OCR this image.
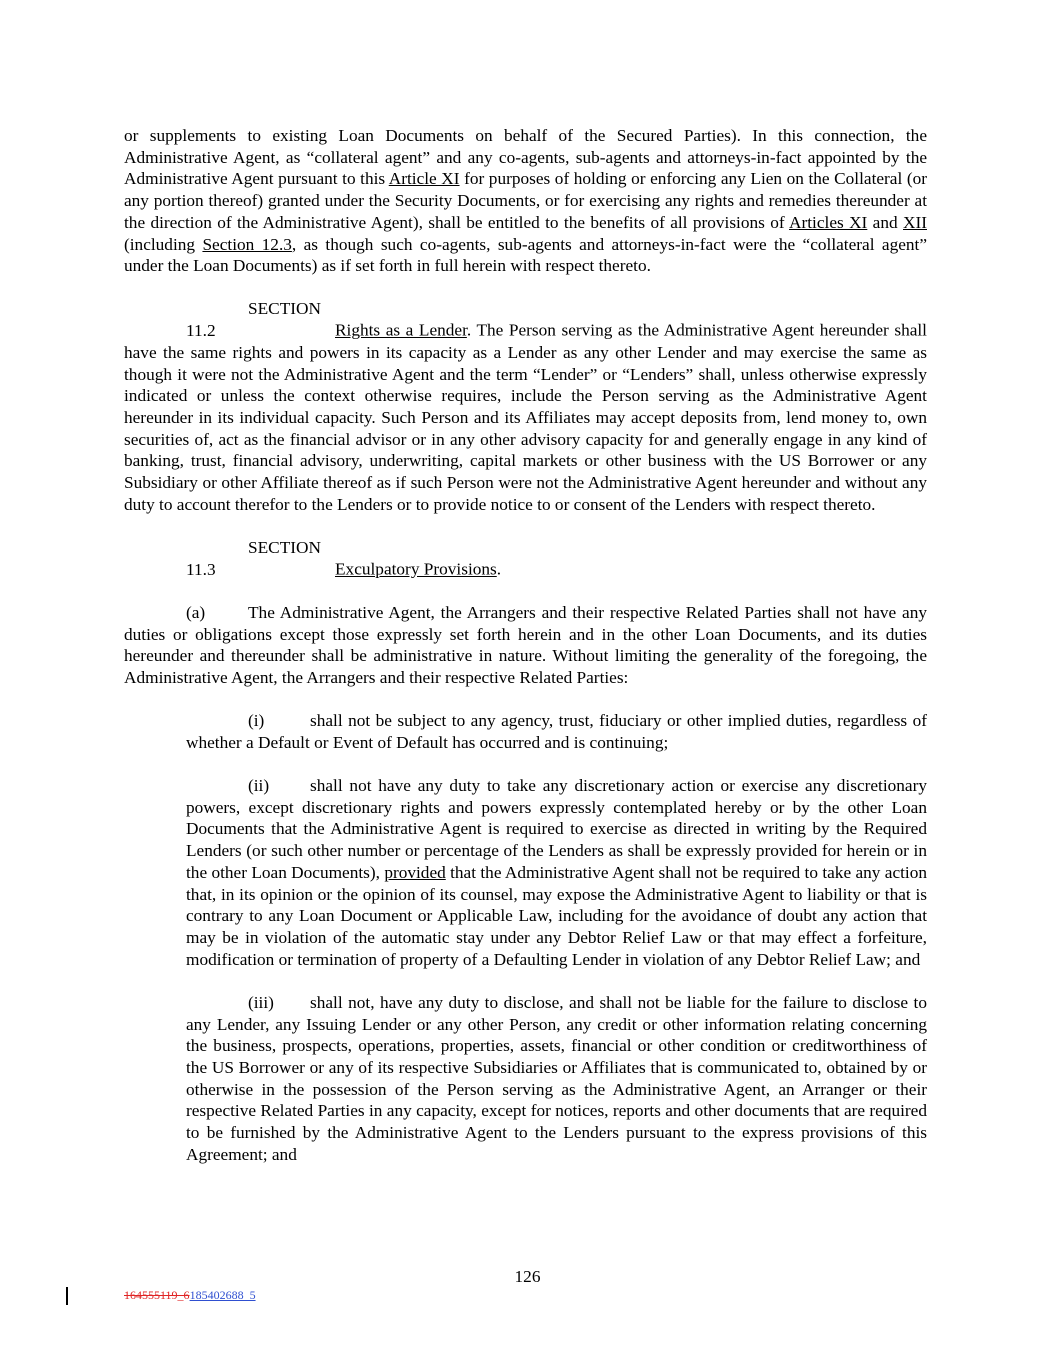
or supplements to existing Loan Documents on behalf of the Secured Parties). In this connection, the Administrative Agent, as “collateral agent” and any co-agents, sub-agents and attorneys-in-fact appointed by the Administrative Agent pursuant to this Article XI for purposes of holding or enforcing any Lien on the Collateral (or any portion thereof) granted under the Security Documents, or for exercising any rights and remedies thereunder at the direction of the Administrative Agent), shall be entitled to the benefits of all provisions of Articles XI and XII (including Section 12.3, as though such co-agents, sub-agents and attorneys-in-fact were the “collateral agent” under the Loan Documents) as if set forth in full herein with respect thereto.

SECTION 11.2	Rights as a Lender. The Person serving as the Administrative Agent hereunder shall have the same rights and powers in its capacity as a Lender as any other Lender and may exercise the same as though it were not the Administrative Agent and the term “Lender” or “Lenders” shall, unless otherwise expressly indicated or unless the context otherwise requires, include the Person serving as the Administrative Agent hereunder in its individual capacity. Such Person and its Affiliates may accept deposits from, lend money to, own securities of, act as the financial advisor or in any other advisory capacity for and generally engage in any kind of banking, trust, financial advisory, underwriting, capital markets or other business with the US Borrower or any Subsidiary or other Affiliate thereof as if such Person were not the Administrative Agent hereunder and without any duty to account therefor to the Lenders or to provide notice to or consent of the Lenders with respect thereto.

SECTION 11.3	Exculpatory Provisions.

(a) The Administrative Agent, the Arrangers and their respective Related Parties shall not have any duties or obligations except those expressly set forth herein and in the other Loan Documents, and its duties hereunder and thereunder shall be administrative in nature. Without limiting the generality of the foregoing, the Administrative Agent, the Arrangers and their respective Related Parties:

(i)	shall not be subject to any agency, trust, fiduciary or other implied duties, regardless of whether a Default or Event of Default has occurred and is continuing;

(ii) shall not have any duty to take any discretionary action or exercise any discretionary powers, except discretionary rights and powers expressly contemplated hereby or by the other Loan Documents that the Administrative Agent is required to exercise as directed in writing by the Required Lenders (or such other number or percentage of the Lenders as shall be expressly provided for herein or in the other Loan Documents), provided that the Administrative Agent shall not be required to take any action that, in its opinion or the opinion of its counsel, may expose the Administrative Agent to liability or that is contrary to any Loan Document or Applicable Law, including for the avoidance of doubt any action that may be in violation of the automatic stay under any Debtor Relief Law or that may effect a forfeiture, modification or termination of property of a Defaulting Lender in violation of any Debtor Relief Law; and

(iii) shall not, have any duty to disclose, and shall not be liable for the failure to disclose to any Lender, any Issuing Lender or any other Person, any credit or other information relating concerning the business, prospects, operations, properties, assets, financial or other condition or creditworthiness of the US Borrower or any of its respective Subsidiaries or Affiliates that is communicated to, obtained by or otherwise in the possession of the Person serving as the Administrative Agent, an Arranger or their respective Related Parties in any capacity, except for notices, reports and other documents that are required to be furnished by the Administrative Agent to the Lenders pursuant to the express provisions of this Agreement; and

126
164555119_6185402688_5
